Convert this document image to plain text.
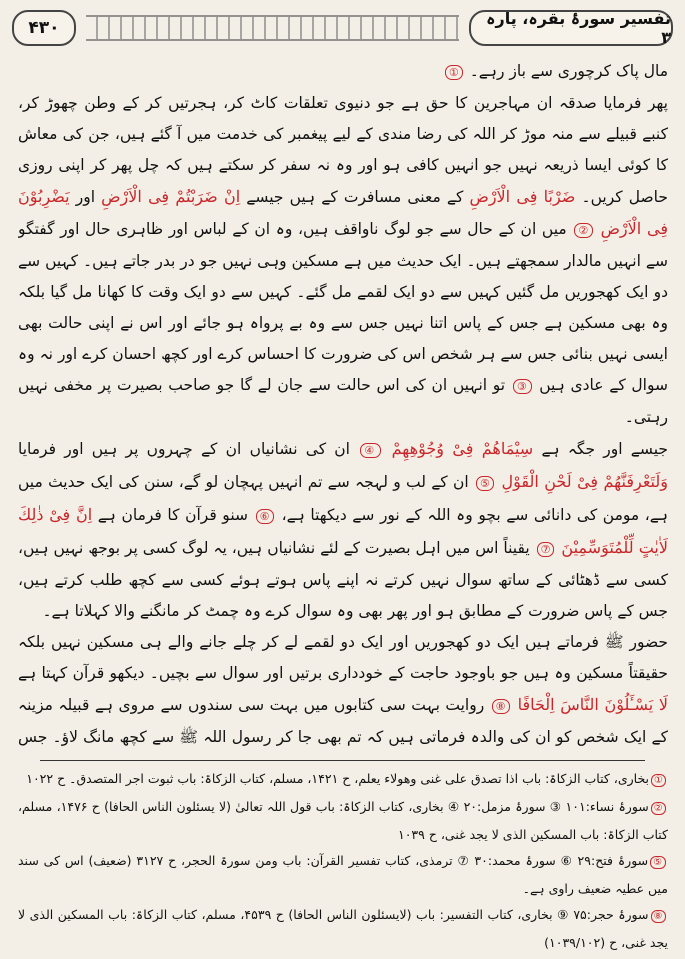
۴۳۰	تفسیر سورۂ بقرہ، پارہ ۳

مال پاک کرچوری سے باز رہے۔ ①

پھر فرمایا صدقہ ان مہاجرین کا حق ہے جو دنیوی تعلقات کاٹ کر، ہجرتیں کر کے وطن چھوڑ کر، کنبے قبیلے سے منہ موڑ کر اللہ کی رضا مندی کے لیے پیغمبر کی خدمت میں آ گئے ہیں، جن کی معاش کا کوئی ایسا ذریعہ نہیں جو انہیں کافی ہو اور وہ نہ سفر کر سکتے ہیں کہ چل پھر کر اپنی روزی حاصل کریں۔ ضَرْبًا فِى الْاَرْضِ کے معنی مسافرت کے ہیں جیسے اِنْ ضَرَبْتُمْ فِى الْاَرْضِ اور يَضْرِبُوْنَ فِى الْاَرْضِ ② میں ان کے حال سے جو لوگ ناواقف ہیں، وہ ان کے لباس اور ظاہری حال اور گفتگو سے انہیں مالدار سمجھتے ہیں۔ ایک حدیث میں ہے مسکین وہی نہیں جو در بدر جاتے ہیں۔ کہیں سے دو ایک کھجوریں مل گئیں کہیں سے دو ایک لقمے مل گئے۔ کہیں سے دو ایک وقت کا کھانا مل گیا بلکہ وہ بھی مسکین ہے جس کے پاس اتنا نہیں جس سے وہ بے پرواہ ہو جائے اور اس نے اپنی حالت بھی ایسی نہیں بنائی جس سے ہر شخص اس کی ضرورت کا احساس کرے اور کچھ احسان کرے اور نہ وہ سوال کے عادی ہیں ③ تو انہیں ان کی اس حالت سے جان لے گا جو صاحب بصیرت پر مخفی نہیں رہتی۔

جیسے اور جگہ ہے سِيْمَاهُمْ فِىْ وُجُوْهِهِمْ ④ ان کی نشانیاں ان کے چہروں پر ہیں اور فرمایا وَلَتَعْرِفَنَّهُمْ فِىْ لَحْنِ الْقَوْلِ ⑤ ان کے لب و لہجہ سے تم انہیں پہچان لو گے، سنن کی ایک حدیث میں ہے، مومن کی دانائی سے بچو وہ اللہ کے نور سے دیکھتا ہے، ⑥ سنو قرآن کا فرمان ہے اِنَّ فِىْ ذٰلِكَ لَاٰيٰتٍ لِّلْمُتَوَسِّمِيْنَ ⑦ یقیناً اس میں اہل بصیرت کے لئے نشانیاں ہیں، یہ لوگ کسی پر بوجھ نہیں ہیں، کسی سے ڈھٹائی کے ساتھ سوال نہیں کرتے نہ اپنے پاس ہوتے ہوئے کسی سے کچھ طلب کرتے ہیں، جس کے پاس ضرورت کے مطابق ہو اور پھر بھی وہ سوال کرے وہ چمٹ کر مانگنے والا کہلاتا ہے۔

حضور ﷺ فرماتے ہیں ایک دو کھجوریں اور ایک دو لقمے لے کر چلے جانے والے ہی مسکین نہیں بلکہ حقیقتاً مسکین وہ ہیں جو باوجود حاجت کے خودداری برتیں اور سوال سے بچیں۔ دیکھو قرآن کہتا ہے لَا يَسْـَٔلُوْنَ النَّاسَ اِلْحَافًا ⑧ روایت بہت سی کتابوں میں بہت سی سندوں سے مروی ہے قبیلہ مزینہ کے ایک شخص کو ان کی والدہ فرماتی ہیں کہ تم بھی جا کر رسول اللہ ﷺ سے کچھ مانگ لاؤ۔ جس

①بخاری، کتاب الزکاۃ: باب اذا تصدق علی غنی وھولاء یعلم، ح ۱۴۲۱، مسلم، کتاب الزکاۃ: باب ثبوت اجر المتصدق۔ ح ۱۰۲۲

②سورۂ نساء:۱۰۱ ③ سورۂ مزمل:۲۰ ④ بخاری، کتاب الزکاۃ: باب قول اللہ تعالیٰ (لا یسئلون الناس الحافا) ح ۱۴۷۶، مسلم، کتاب الزکاۃ: باب المسکین الذی لا یجد غنی، ح ۱۰۳۹

⑤سورۂ فتح:۲۹ ⑥ سورۂ محمد:۳۰ ⑦ ترمذی، کتاب تفسیر القرآن: باب ومن سورۃ الحجر، ح ۳۱۲۷ (ضعیف) اس کی سند میں عطیہ ضعیف راوی ہے۔

⑧سورۂ حجر:۷۵ ⑨ بخاری، کتاب التفسیر: باب (لایسئلون الناس الحافا) ح ۴۵۳۹، مسلم، کتاب الزکاۃ: باب المسکین الذی لا یجد غنی، ح (۱۰۳۹/۱۰۲)
